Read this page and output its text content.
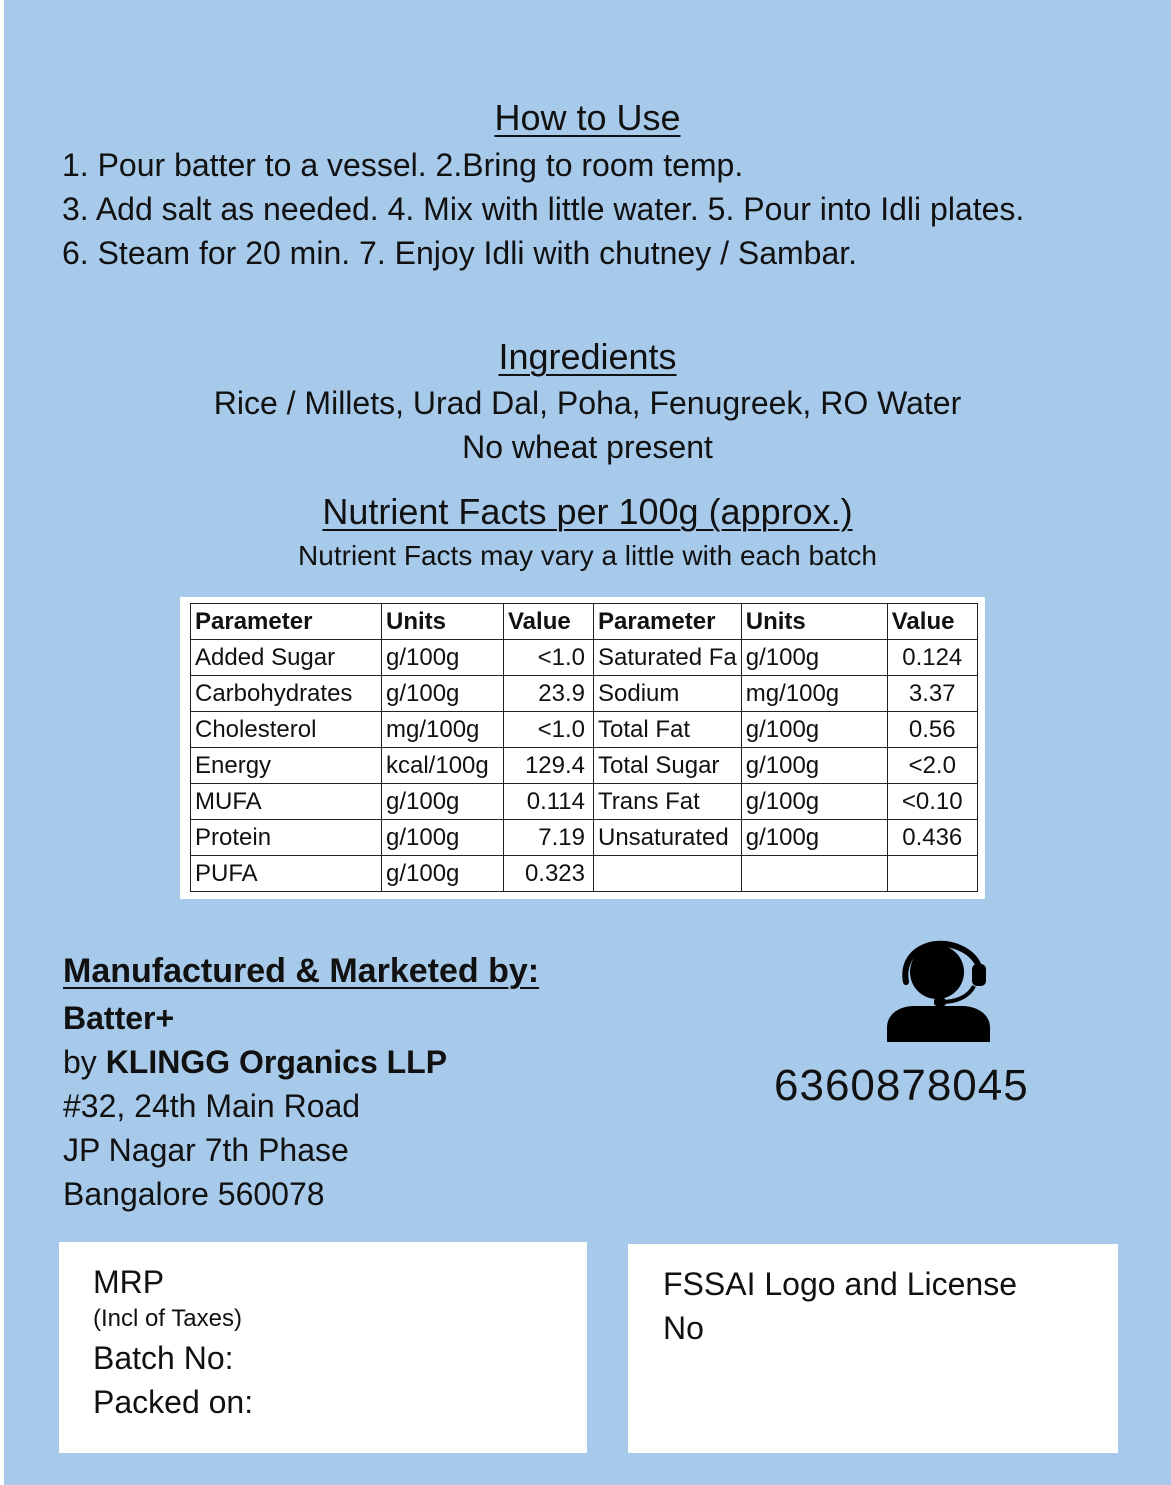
How to Use
1. Pour batter to a vessel. 2.Bring to room temp.
3. Add salt as needed. 4. Mix with little water. 5. Pour into Idli plates.
6. Steam for 20 min. 7. Enjoy Idli with chutney / Sambar.
Ingredients
Rice / Millets, Urad Dal, Poha, Fenugreek, RO Water
No wheat present
Nutrient Facts per 100g (approx.)
Nutrient Facts may vary a little with each batch
Parameter	Units	Value	Parameter	Units	Value
Added Sugar	g/100g	<1.0	Saturated Fa	g/100g	0.124
Carbohydrates	g/100g	23.9	Sodium	mg/100g	3.37
Cholesterol	mg/100g	<1.0	Total Fat	g/100g	0.56
Energy	kcal/100g	129.4	Total Sugar	g/100g	<2.0
MUFA	g/100g	0.114	Trans Fat	g/100g	<0.10
Protein	g/100g	7.19	Unsaturated	g/100g	0.436
PUFA	g/100g	0.323			
Manufactured & Marketed by:
Batter+
by KLINGG Organics LLP
#32, 24th Main Road
JP Nagar 7th Phase
Bangalore 560078
6360878045
MRP
(Incl of Taxes)
Batch No:
Packed on:
FSSAI Logo and License
No
